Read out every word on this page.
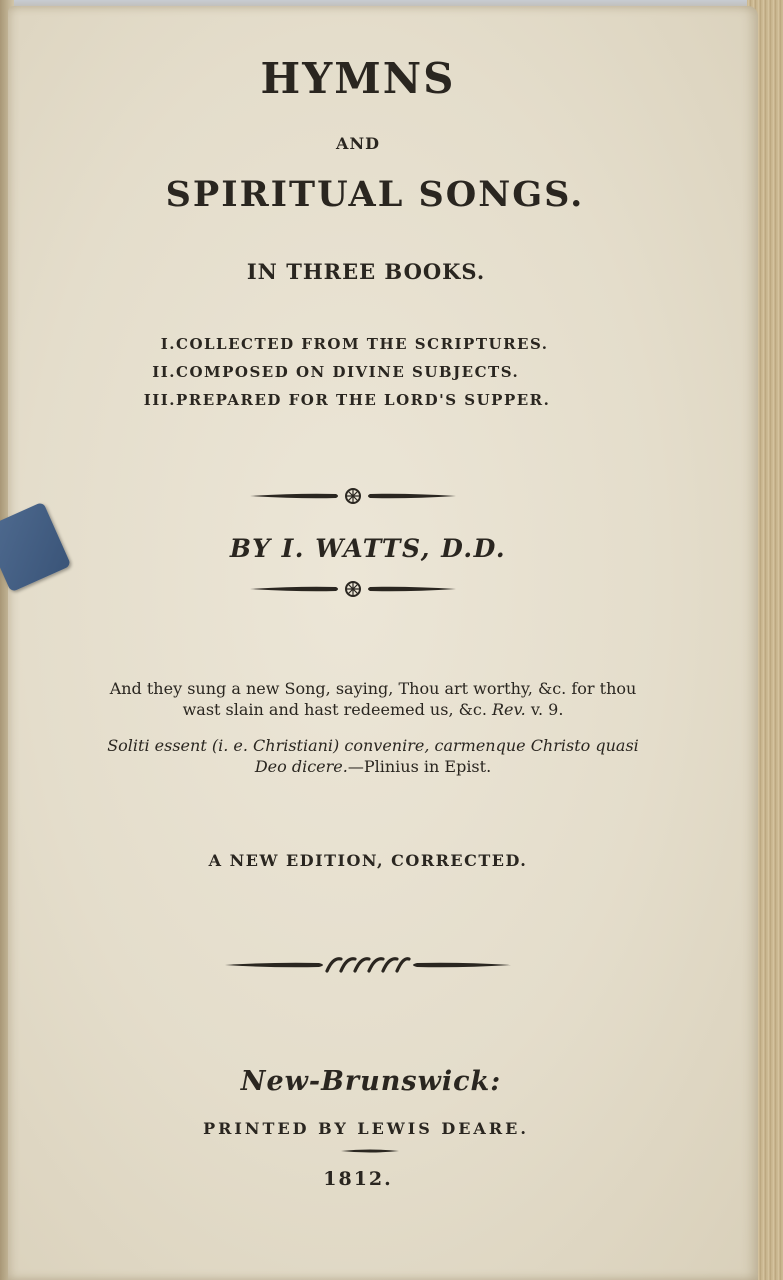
HYMNS

AND

SPIRITUAL SONGS.

IN THREE BOOKS.

I. COLLECTED FROM THE SCRIPTURES.
II. COMPOSED ON DIVINE SUBJECTS.
III. PREPARED FOR THE LORD'S SUPPER.

BY I. WATTS, D.D.

And they sung a new Song, saying, Thou art worthy, &c. for thou
wast slain and hast redeemed us, &c. Rev. v. 9.
Soliti essent (i. e. Christiani) convenire, carmenque Christo quasi
Deo dicere.—Plinius in Epist.

A NEW EDITION, CORRECTED.

New-Brunswick:

PRINTED BY LEWIS DEARE.

1812.
